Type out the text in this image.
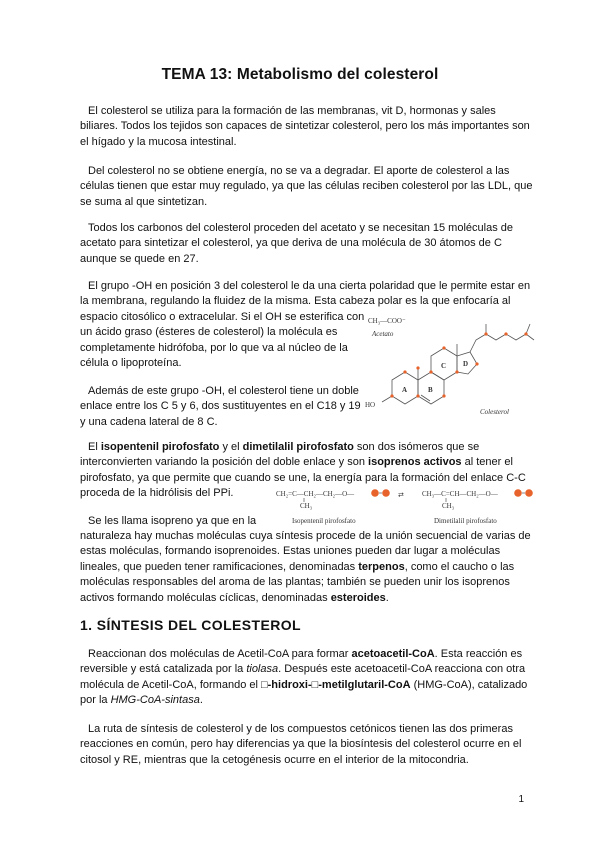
TEMA 13: Metabolismo del colesterol

El colesterol se utiliza para la formación de las membranas, vit D, hormonas y sales biliares. Todos los tejidos son capaces de sintetizar colesterol, pero los más importantes son el hígado y la mucosa intestinal.

Del colesterol no se obtiene energía, no se va a degradar. El aporte de colesterol a las células tienen que estar muy regulado, ya que las células reciben colesterol por las LDL, que se suma al que sintetizan.

Todos los carbonos del colesterol proceden del acetato y se necesitan 15 moléculas de acetato para sintetizar el colesterol, ya que deriva de una molécula de 30 átomos de C aunque se quede en 27.

El grupo -OH en posición 3 del colesterol le da una cierta polaridad que le permite estar en la membrana, regulando la fluidez de la misma. Esta cabeza polar es la que enfocaría al

espacio citosólico o extracelular. Si el OH se esterifica con un ácido graso (ésteres de colesterol) la molécula es completamente hidrófoba, por lo que va al núcleo de la célula o lipoproteína.

Además de este grupo -OH, el colesterol tiene un doble enlace entre los C 5 y 6, dos sustituyentes en el C18 y 19 y una cadena lateral de 8 C.

CH₃—COO⁻
Acetato
HO
A	B
C D
Colesterol

El isopentenil pirofosfato y el dimetilalil pirofosfato son dos isómeros que se interconvierten variando la posición del doble enlace y son isoprenos activos al tener el pirofosfato, ya que permite que cuando se une, la energía para la formación del enlace C-C proceda de la hidrólisis del PPi.

Se les llama isopreno ya que en la

CH₂=C—CH₂—CH₂—O—
CH₃
⇄	CH₃—C=CH—CH₂—O—
CH₃
Isopentenil pirofosfato	Dimetilalil pirofosfato

naturaleza hay muchas moléculas cuya síntesis procede de la unión secuencial de varias de estas moléculas, formando isoprenoides. Estas uniones pueden dar lugar a moléculas lineales, que pueden tener ramificaciones, denominadas terpenos, como el caucho o las moléculas responsables del aroma de las plantas; también se pueden unir los isoprenos activos formando moléculas cíclicas, denominadas esteroides.

1. SÍNTESIS DEL COLESTEROL

Reaccionan dos moléculas de Acetil-CoA para formar acetoacetil-CoA. Esta reacción es reversible y está catalizada por la tiolasa. Después este acetoacetil-CoA reacciona con otra molécula de Acetil-CoA, formando el □-hidroxi-□-metilglutaril-CoA (HMG-CoA), catalizado por la HMG-CoA-sintasa.

La ruta de síntesis de colesterol y de los compuestos cetónicos tienen las dos primeras reacciones en común, pero hay diferencias ya que la biosíntesis del colesterol ocurre en el citosol y RE, mientras que la cetogénesis ocurre en el interior de la mitocondria.

1
